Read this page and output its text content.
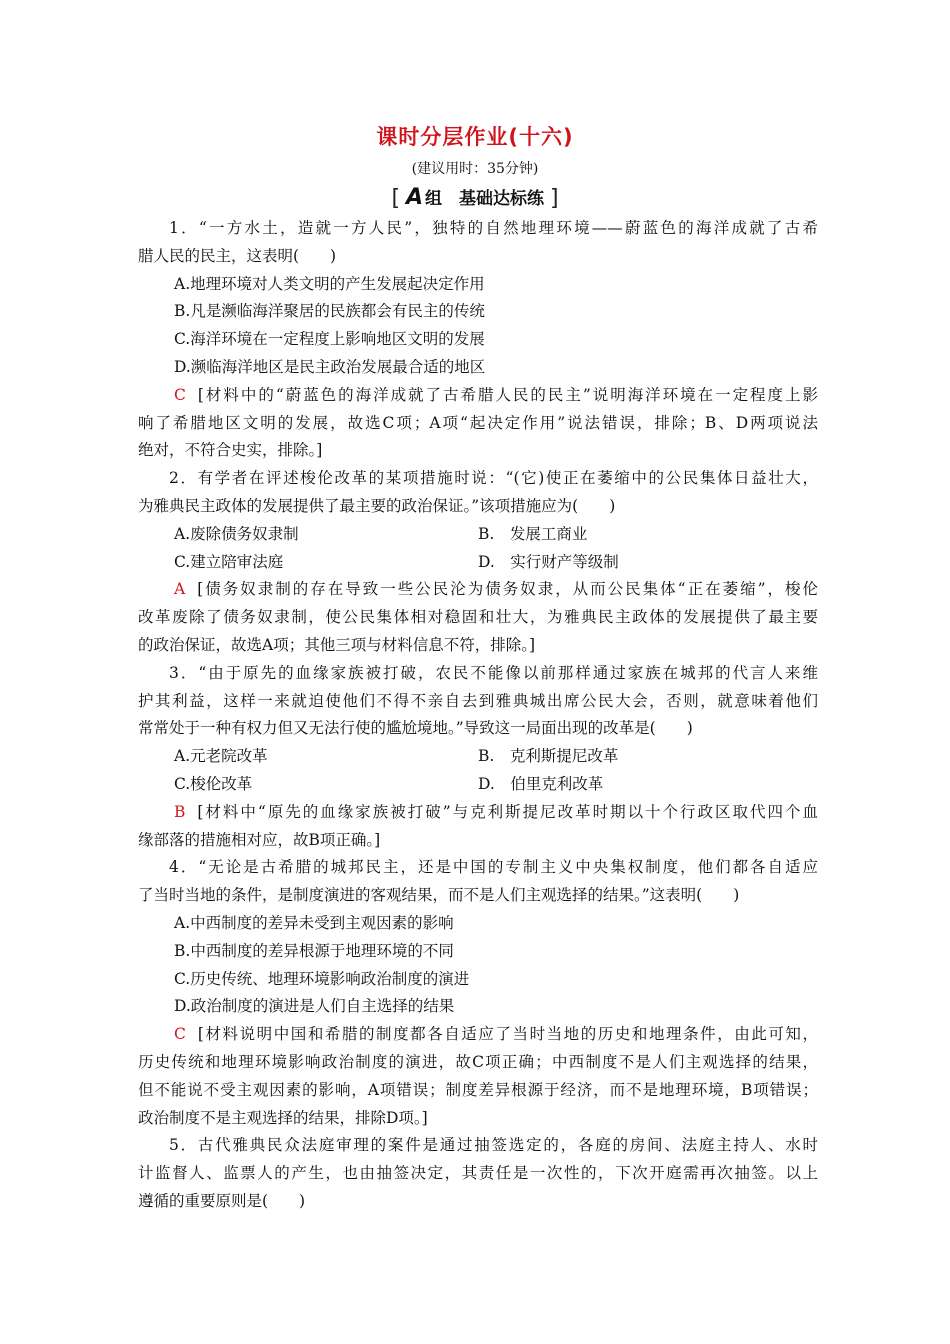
课时分层作业(十六)
(建议用时：35分钟)
[ A 组　基础达标练 ]
1．“一方水土，造就一方人民”，独特的自然地理环境——蔚蓝色的海洋成就了古希
腊人民的民主，这表明(　　)
A.地理环境对人类文明的产生发展起决定作用
B.凡是濒临海洋聚居的民族都会有民主的传统
C.海洋环境在一定程度上影响地区文明的发展
D.濒临海洋地区是民主政治发展最合适的地区
C [材料中的“蔚蓝色的海洋成就了古希腊人民的民主”说明海洋环境在一定程度上影
响了希腊地区文明的发展，故选C项；A项“起决定作用”说法错误，排除；B、D两项说法
绝对，不符合史实，排除。]
2．有学者在评述梭伦改革的某项措施时说：“(它)使正在萎缩中的公民集体日益壮大，
为雅典民主政体的发展提供了最主要的政治保证。”该项措施应为(　　)
A.废除债务奴隶制	B.　发展工商业
C.建立陪审法庭	D.　实行财产等级制
A [债务奴隶制的存在导致一些公民沦为债务奴隶，从而公民集体“正在萎缩”，梭伦
改革废除了债务奴隶制，使公民集体相对稳固和壮大，为雅典民主政体的发展提供了最主要
的政治保证，故选A项；其他三项与材料信息不符，排除。]
3．“由于原先的血缘家族被打破，农民不能像以前那样通过家族在城邦的代言人来维
护其利益，这样一来就迫使他们不得不亲自去到雅典城出席公民大会，否则，就意味着他们
常常处于一种有权力但又无法行使的尴尬境地。”导致这一局面出现的改革是(　　)
A.元老院改革	B.　克利斯提尼改革
C.梭伦改革	D.　伯里克利改革
B [材料中“原先的血缘家族被打破”与克利斯提尼改革时期以十个行政区取代四个血
缘部落的措施相对应，故B项正确。]
4．“无论是古希腊的城邦民主，还是中国的专制主义中央集权制度，他们都各自适应
了当时当地的条件，是制度演进的客观结果，而不是人们主观选择的结果。”这表明(　　)
A.中西制度的差异未受到主观因素的影响
B.中西制度的差异根源于地理环境的不同
C.历史传统、地理环境影响政治制度的演进
D.政治制度的演进是人们自主选择的结果
C [材料说明中国和希腊的制度都各自适应了当时当地的历史和地理条件，由此可知，
历史传统和地理环境影响政治制度的演进，故C项正确；中西制度不是人们主观选择的结果，
但不能说不受主观因素的影响，A项错误；制度差异根源于经济，而不是地理环境，B项错误；
政治制度不是主观选择的结果，排除D项。]
5．古代雅典民众法庭审理的案件是通过抽签选定的，各庭的房间、法庭主持人、水时
计监督人、监票人的产生，也由抽签决定，其责任是一次性的，下次开庭需再次抽签。以上
遵循的重要原则是(　　)
